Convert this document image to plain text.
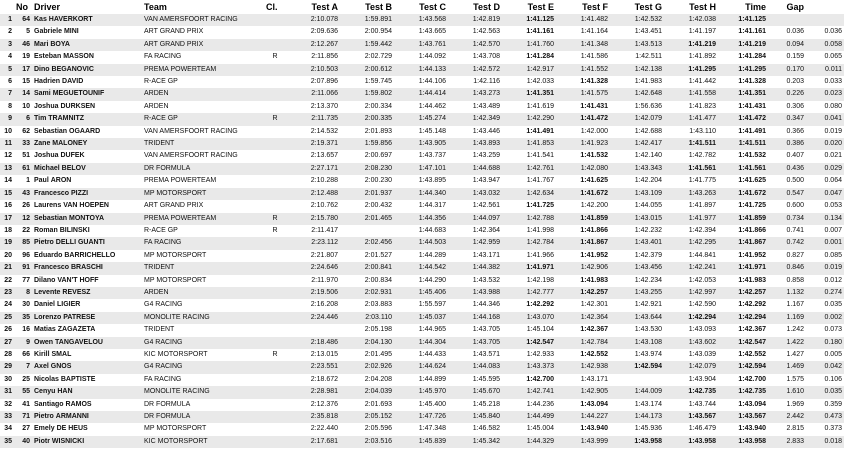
	No	Driver	Team	Cl.	Test A	Test B	Test C	Test D	Test E	Test F	Test G	Test H	Time	Gap	
1	64	Kas HAVERKORT	VAN AMERSFOORT RACING		2:10.078	1:59.891	1:43.568	1:42.819	1:41.125	1:41.482	1:42.532	1:42.038	1:41.125		
2	5	Gabriele MINI	ART GRAND PRIX		2:09.636	2:00.954	1:43.665	1:42.563	1:41.161	1:41.164	1:43.451	1:41.197	1:41.161	0.036	0.036
3	46	Mari BOYA	ART GRAND PRIX		2:12.267	1:59.442	1:43.761	1:42.570	1:41.760	1:41.348	1:43.513	1:41.219	1:41.219	0.094	0.058
4	19	Esteban MASSON	FA RACING	R	2:11.856	2:02.729	1:44.092	1:43.708	1:41.284	1:41.586	1:42.511	1:41.892	1:41.284	0.159	0.065
5	17	Dino BEGANOVIC	PREMA POWERTEAM		2:10.503	2:00.612	1:44.133	1:42.572	1:42.917	1:41.552	1:42.138	1:41.295	1:41.295	0.170	0.011
6	15	Hadrien DAVID	R-ACE GP		2:07.896	1:59.745	1:44.106	1:42.116	1:42.033	1:41.328	1:41.983	1:41.442	1:41.328	0.203	0.033
7	14	Sami MEGUETOUNIF	ARDEN		2:11.066	1:59.802	1:44.414	1:43.273	1:41.351	1:41.575	1:42.648	1:41.558	1:41.351	0.226	0.023
8	10	Joshua DURKSEN	ARDEN		2:13.370	2:00.334	1:44.462	1:43.489	1:41.619	1:41.431	1:56.636	1:41.823	1:41.431	0.306	0.080
9	6	Tim TRAMNITZ	R-ACE GP	R	2:11.735	2:00.335	1:45.274	1:42.349	1:42.290	1:41.472	1:42.079	1:41.477	1:41.472	0.347	0.041
10	62	Sebastian OGAARD	VAN AMERSFOORT RACING		2:14.532	2:01.893	1:45.148	1:43.446	1:41.491	1:42.000	1:42.688	1:43.110	1:41.491	0.366	0.019
11	33	Zane MALONEY	TRIDENT		2:19.371	1:59.856	1:43.905	1:43.893	1:41.853	1:41.923	1:42.417	1:41.511	1:41.511	0.386	0.020
12	51	Joshua DUFEK	VAN AMERSFOORT RACING		2:13.657	2:00.697	1:43.737	1:43.259	1:41.541	1:41.532	1:42.140	1:42.782	1:41.532	0.407	0.021
13	61	Michael BELOV	DR FORMULA		2:27.171	2:08.230	1:47.101	1:44.688	1:42.761	1:42.080	1:43.343	1:41.561	1:41.561	0.436	0.029
14	1	Paul ARON	PREMA POWERTEAM		2:10.288	2:00.230	1:43.895	1:43.947	1:41.767	1:41.625	1:42.204	1:41.775	1:41.625	0.500	0.064
15	43	Francesco PIZZI	MP MOTORSPORT		2:12.488	2:01.937	1:44.340	1:43.032	1:42.634	1:41.672	1:43.109	1:43.263	1:41.672	0.547	0.047
16	26	Laurens VAN HOEPEN	ART GRAND PRIX		2:10.762	2:00.432	1:44.317	1:42.561	1:41.725	1:42.200	1:44.055	1:41.897	1:41.725	0.600	0.053
17	12	Sebastian MONTOYA	PREMA POWERTEAM	R	2:15.780	2:01.465	1:44.356	1:44.097	1:42.788	1:41.859	1:43.015	1:41.977	1:41.859	0.734	0.134
18	22	Roman BILINSKI	R-ACE GP	R	2:11.417		1:44.683	1:42.364	1:41.998	1:41.866	1:42.232	1:42.394	1:41.866	0.741	0.007
19	85	Pietro DELLI GUANTI	FA RACING		2:23.112	2:02.456	1:44.503	1:42.959	1:42.784	1:41.867	1:43.401	1:42.295	1:41.867	0.742	0.001
20	96	Eduardo BARRICHELLO	MP MOTORSPORT		2:21.807	2:01.527	1:44.289	1:43.171	1:41.966	1:41.952	1:42.379	1:44.841	1:41.952	0.827	0.085
21	91	Francesco BRASCHI	TRIDENT		2:24.646	2:00.841	1:44.542	1:44.382	1:41.971	1:42.906	1:43.456	1:42.241	1:41.971	0.846	0.019
22	77	Dilano VAN'T HOFF	MP MOTORSPORT		2:11.970	2:00.834	1:44.290	1:43.532	1:42.198	1:41.983	1:42.234	1:42.053	1:41.983	0.858	0.012
23	8	Levente REVESZ	ARDEN		2:19.506	2:02.931	1:45.406	1:43.988	1:42.777	1:42.257	1:43.255	1:42.997	1:42.257	1.132	0.274
24	30	Daniel LIGIER	G4 RACING		2:16.208	2:03.883	1:55.597	1:44.346	1:42.292	1:42.301	1:42.921	1:42.590	1:42.292	1.167	0.035
25	35	Lorenzo PATRESE	MONOLITE RACING		2:24.446	2:03.110	1:45.037	1:44.168	1:43.070	1:42.364	1:43.644	1:42.294	1:42.294	1.169	0.002
26	16	Matias ZAGAZETA	TRIDENT			2:05.198	1:44.965	1:43.705	1:45.104	1:42.367	1:43.530	1:43.093	1:42.367	1.242	0.073
27	9	Owen TANGAVELOU	G4 RACING		2:18.486	2:04.130	1:44.304	1:43.705	1:42.547	1:42.784	1:43.108	1:43.602	1:42.547	1.422	0.180
28	66	Kirill SMAL	KIC MOTORSPORT	R	2:13.015	2:01.495	1:44.433	1:43.571	1:42.933	1:42.552	1:43.974	1:43.039	1:42.552	1.427	0.005
29	7	Axel GNOS	G4 RACING		2:23.551	2:02.926	1:44.624	1:44.083	1:43.373	1:42.938	1:42.594	1:42.079	1:42.594	1.469	0.042
30	25	Nicolas BAPTISTE	FA RACING		2:18.672	2:04.208	1:44.899	1:45.595	1:42.700	1:43.171		1:43.904	1:42.700	1.575	0.106
31	55	Cenyu HAN	MONOLITE RACING		2:28.981	2:04.039	1:45.970	1:45.670	1:42.741	1:42.905	1:44.009	1:42.735	1:42.735	1.610	0.035
32	41	Santiago RAMOS	DR FORMULA		2:12.376	2:01.693	1:45.400	1:45.218	1:44.236	1:43.094	1:43.174	1:43.744	1:43.094	1.969	0.359
33	71	Pietro ARMANNI	DR FORMULA		2:35.818	2:05.152	1:47.726	1:45.840	1:44.499	1:44.227	1:44.173	1:43.567	1:43.567	2.442	0.473
34	27	Emely DE HEUS	MP MOTORSPORT		2:22.440	2:05.596	1:47.348	1:46.582	1:45.004	1:43.940	1:45.936	1:46.479	1:43.940	2.815	0.373
35	40	Piotr WISNICKI	KIC MOTORSPORT		2:17.681	2:03.516	1:45.839	1:45.342	1:44.329	1:43.999	1:43.958	1:43.958	1:43.958	2.833	0.018
